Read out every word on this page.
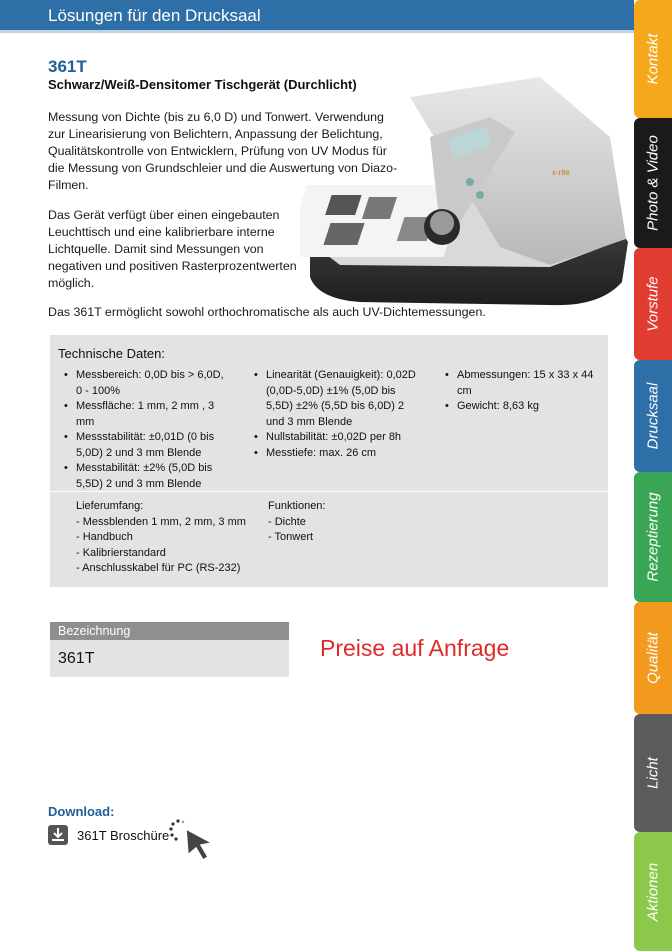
Lösungen für den Drucksaal
361T
Schwarz/Weiß-Densitomer Tischgerät (Durchlicht)

Messung von Dichte (bis zu 6,0 D) und Tonwert. Verwendung zur Linearisierung von Belichtern, Anpassung der Belichtung, Qualitätskontrolle von Entwicklern, Prüfung von UV Modus für die Messung von Grundschleier und die Auswertung von Diazo-Filmen.

Das Gerät verfügt über einen eingebauten Leuchttisch und eine kalibrierbare interne Lichtquelle. Damit sind Messungen von negativen und positiven Rasterprozentwerten möglich.

Das 361T ermöglicht sowohl orthochromatische als auch UV-Dichtemessungen.

x-rite
Technische Daten:
• Messbereich: 0,0D bis > 6,0D, 0 - 100%
• Messfläche: 1 mm, 2 mm , 3 mm
• Messstabilität: ±0,01D (0 bis 5,0D) 2 und 3 mm Blende
• Messtabilität: ±2% (5,0D bis 5,5D) 2 und 3 mm Blende
• Linearität (Genauigkeit): 0,02D (0,0D-5,0D) ±1% (5,0D bis 5,5D) ±2% (5,5D bis 6,0D) 2 und 3 mm Blende
• Nullstabilität: ±0,02D per 8h
• Messtiefe: max. 26 cm
• Abmessungen: 15 x 33 x 44 cm
• Gewicht: 8,63 kg
Lieferumfang:
- Messblenden 1 mm, 2 mm, 3 mm
- Handbuch
- Kalibrierstandard
- Anschlusskabel für PC (RS-232)
Funktionen:
- Dichte
- Tonwert
Bezeichnung
361T	Preise auf Anfrage
Download:
361T Broschüre
Kontakt
Photo & Video
Vorstufe
Drucksaal
Rezeptierung
Qualität
Licht
Aktionen
